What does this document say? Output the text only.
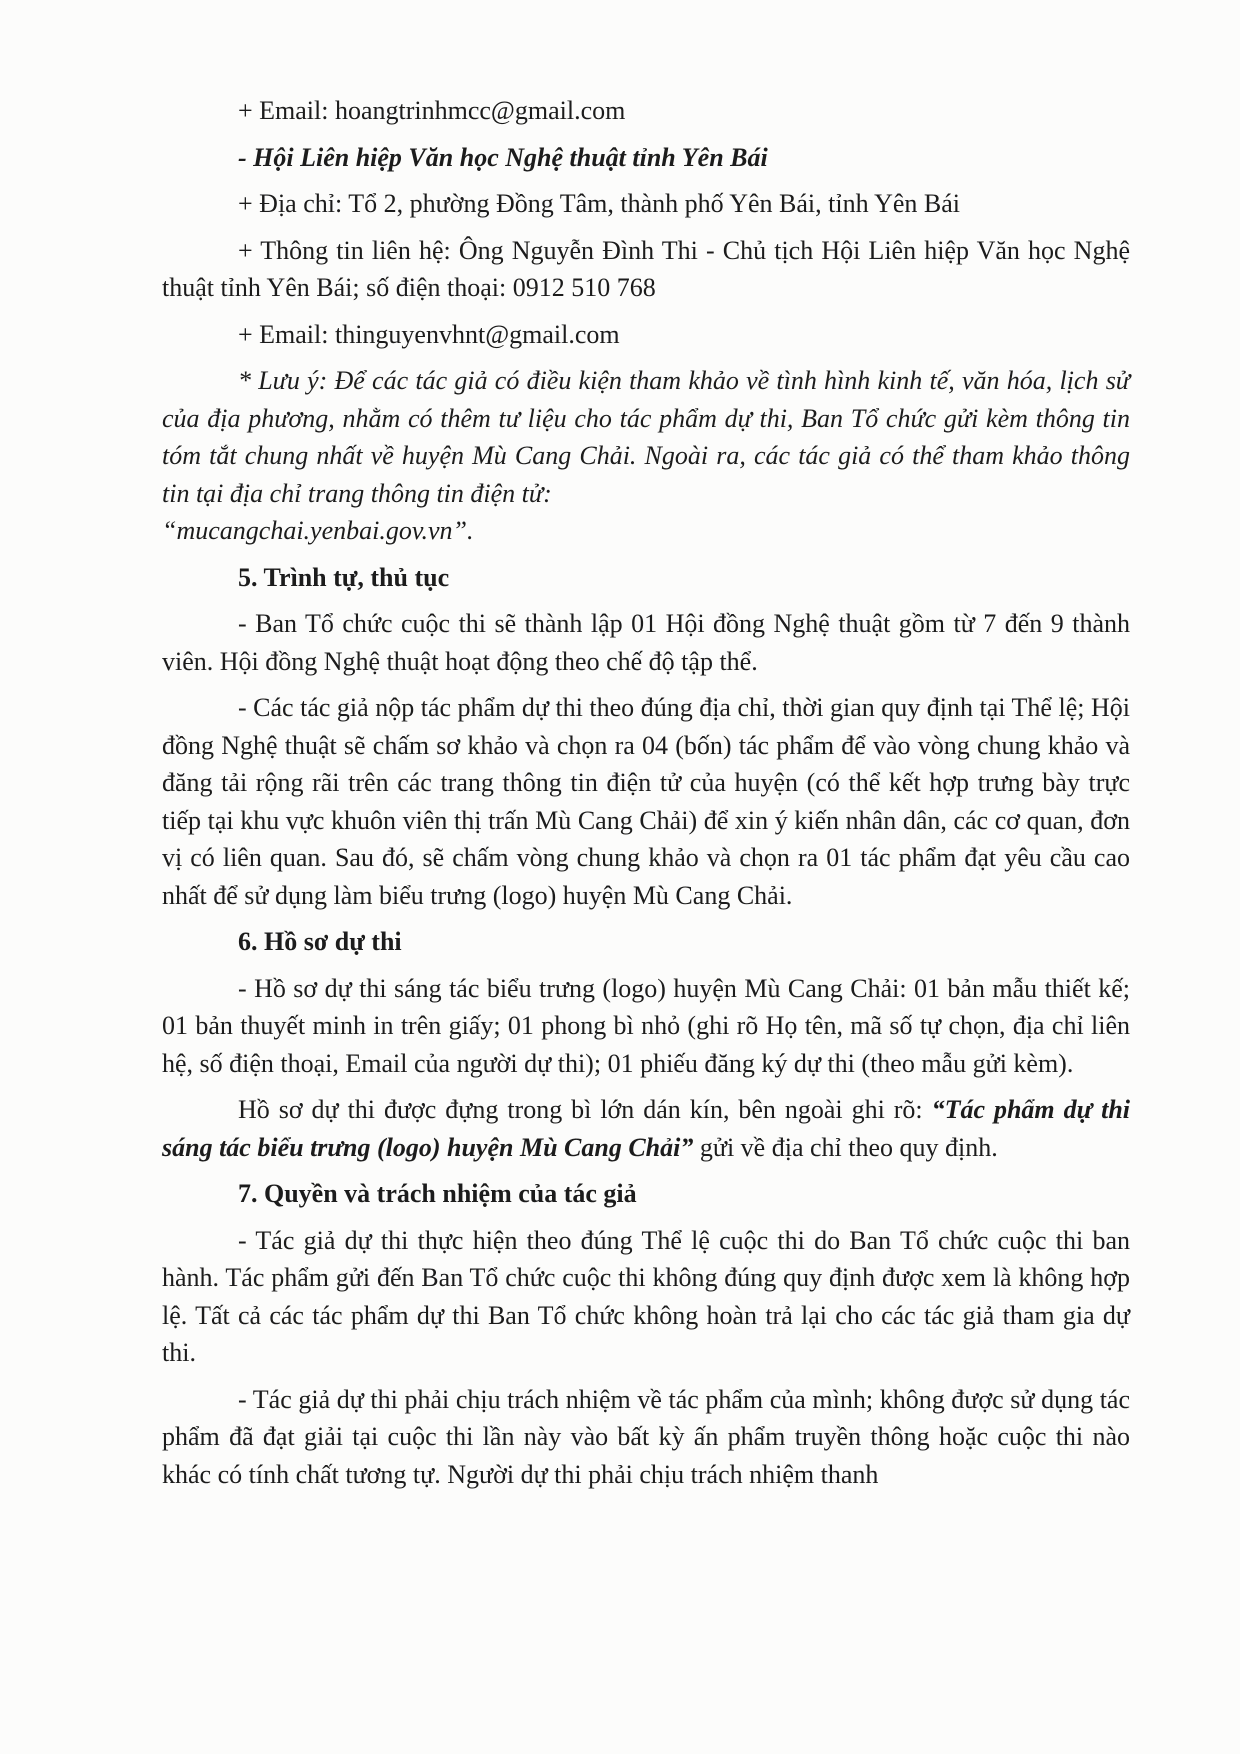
+ Email: hoangtrinhmcc@gmail.com

- Hội Liên hiệp Văn học Nghệ thuật tỉnh Yên Bái

+ Địa chỉ: Tổ 2, phường Đồng Tâm, thành phố Yên Bái, tỉnh Yên Bái

+ Thông tin liên hệ: Ông Nguyễn Đình Thi - Chủ tịch Hội Liên hiệp Văn học Nghệ thuật tỉnh Yên Bái; số điện thoại: 0912 510 768

+ Email: thinguyenvhnt@gmail.com

* Lưu ý: Để các tác giả có điều kiện tham khảo về tình hình kinh tế, văn hóa, lịch sử của địa phương, nhằm có thêm tư liệu cho tác phẩm dự thi, Ban Tổ chức gửi kèm thông tin tóm tắt chung nhất về huyện Mù Cang Chải. Ngoài ra, các tác giả có thể tham khảo thông tin tại địa chỉ trang thông tin điện tử:

“mucangchai.yenbai.gov.vn”.

5. Trình tự, thủ tục

- Ban Tổ chức cuộc thi sẽ thành lập 01 Hội đồng Nghệ thuật gồm từ 7 đến 9 thành viên. Hội đồng Nghệ thuật hoạt động theo chế độ tập thể.

- Các tác giả nộp tác phẩm dự thi theo đúng địa chỉ, thời gian quy định tại Thể lệ; Hội đồng Nghệ thuật sẽ chấm sơ khảo và chọn ra 04 (bốn) tác phẩm để vào vòng chung khảo và đăng tải rộng rãi trên các trang thông tin điện tử của huyện (có thể kết hợp trưng bày trực tiếp tại khu vực khuôn viên thị trấn Mù Cang Chải) để xin ý kiến nhân dân, các cơ quan, đơn vị có liên quan. Sau đó, sẽ chấm vòng chung khảo và chọn ra 01 tác phẩm đạt yêu cầu cao nhất để sử dụng làm biểu trưng (logo) huyện Mù Cang Chải.

6. Hồ sơ dự thi

- Hồ sơ dự thi sáng tác biểu trưng (logo) huyện Mù Cang Chải: 01 bản mẫu thiết kế; 01 bản thuyết minh in trên giấy; 01 phong bì nhỏ (ghi rõ Họ tên, mã số tự chọn, địa chỉ liên hệ, số điện thoại, Email của người dự thi); 01 phiếu đăng ký dự thi (theo mẫu gửi kèm).

Hồ sơ dự thi được đựng trong bì lớn dán kín, bên ngoài ghi rõ: “Tác phẩm dự thi sáng tác biểu trưng (logo) huyện Mù Cang Chải” gửi về địa chỉ theo quy định.

7. Quyền và trách nhiệm của tác giả

- Tác giả dự thi thực hiện theo đúng Thể lệ cuộc thi do Ban Tổ chức cuộc thi ban hành. Tác phẩm gửi đến Ban Tổ chức cuộc thi không đúng quy định được xem là không hợp lệ. Tất cả các tác phẩm dự thi Ban Tổ chức không hoàn trả lại cho các tác giả tham gia dự thi.

- Tác giả dự thi phải chịu trách nhiệm về tác phẩm của mình; không được sử dụng tác phẩm đã đạt giải tại cuộc thi lần này vào bất kỳ ấn phẩm truyền thông hoặc cuộc thi nào khác có tính chất tương tự. Người dự thi phải chịu trách nhiệm thanh
